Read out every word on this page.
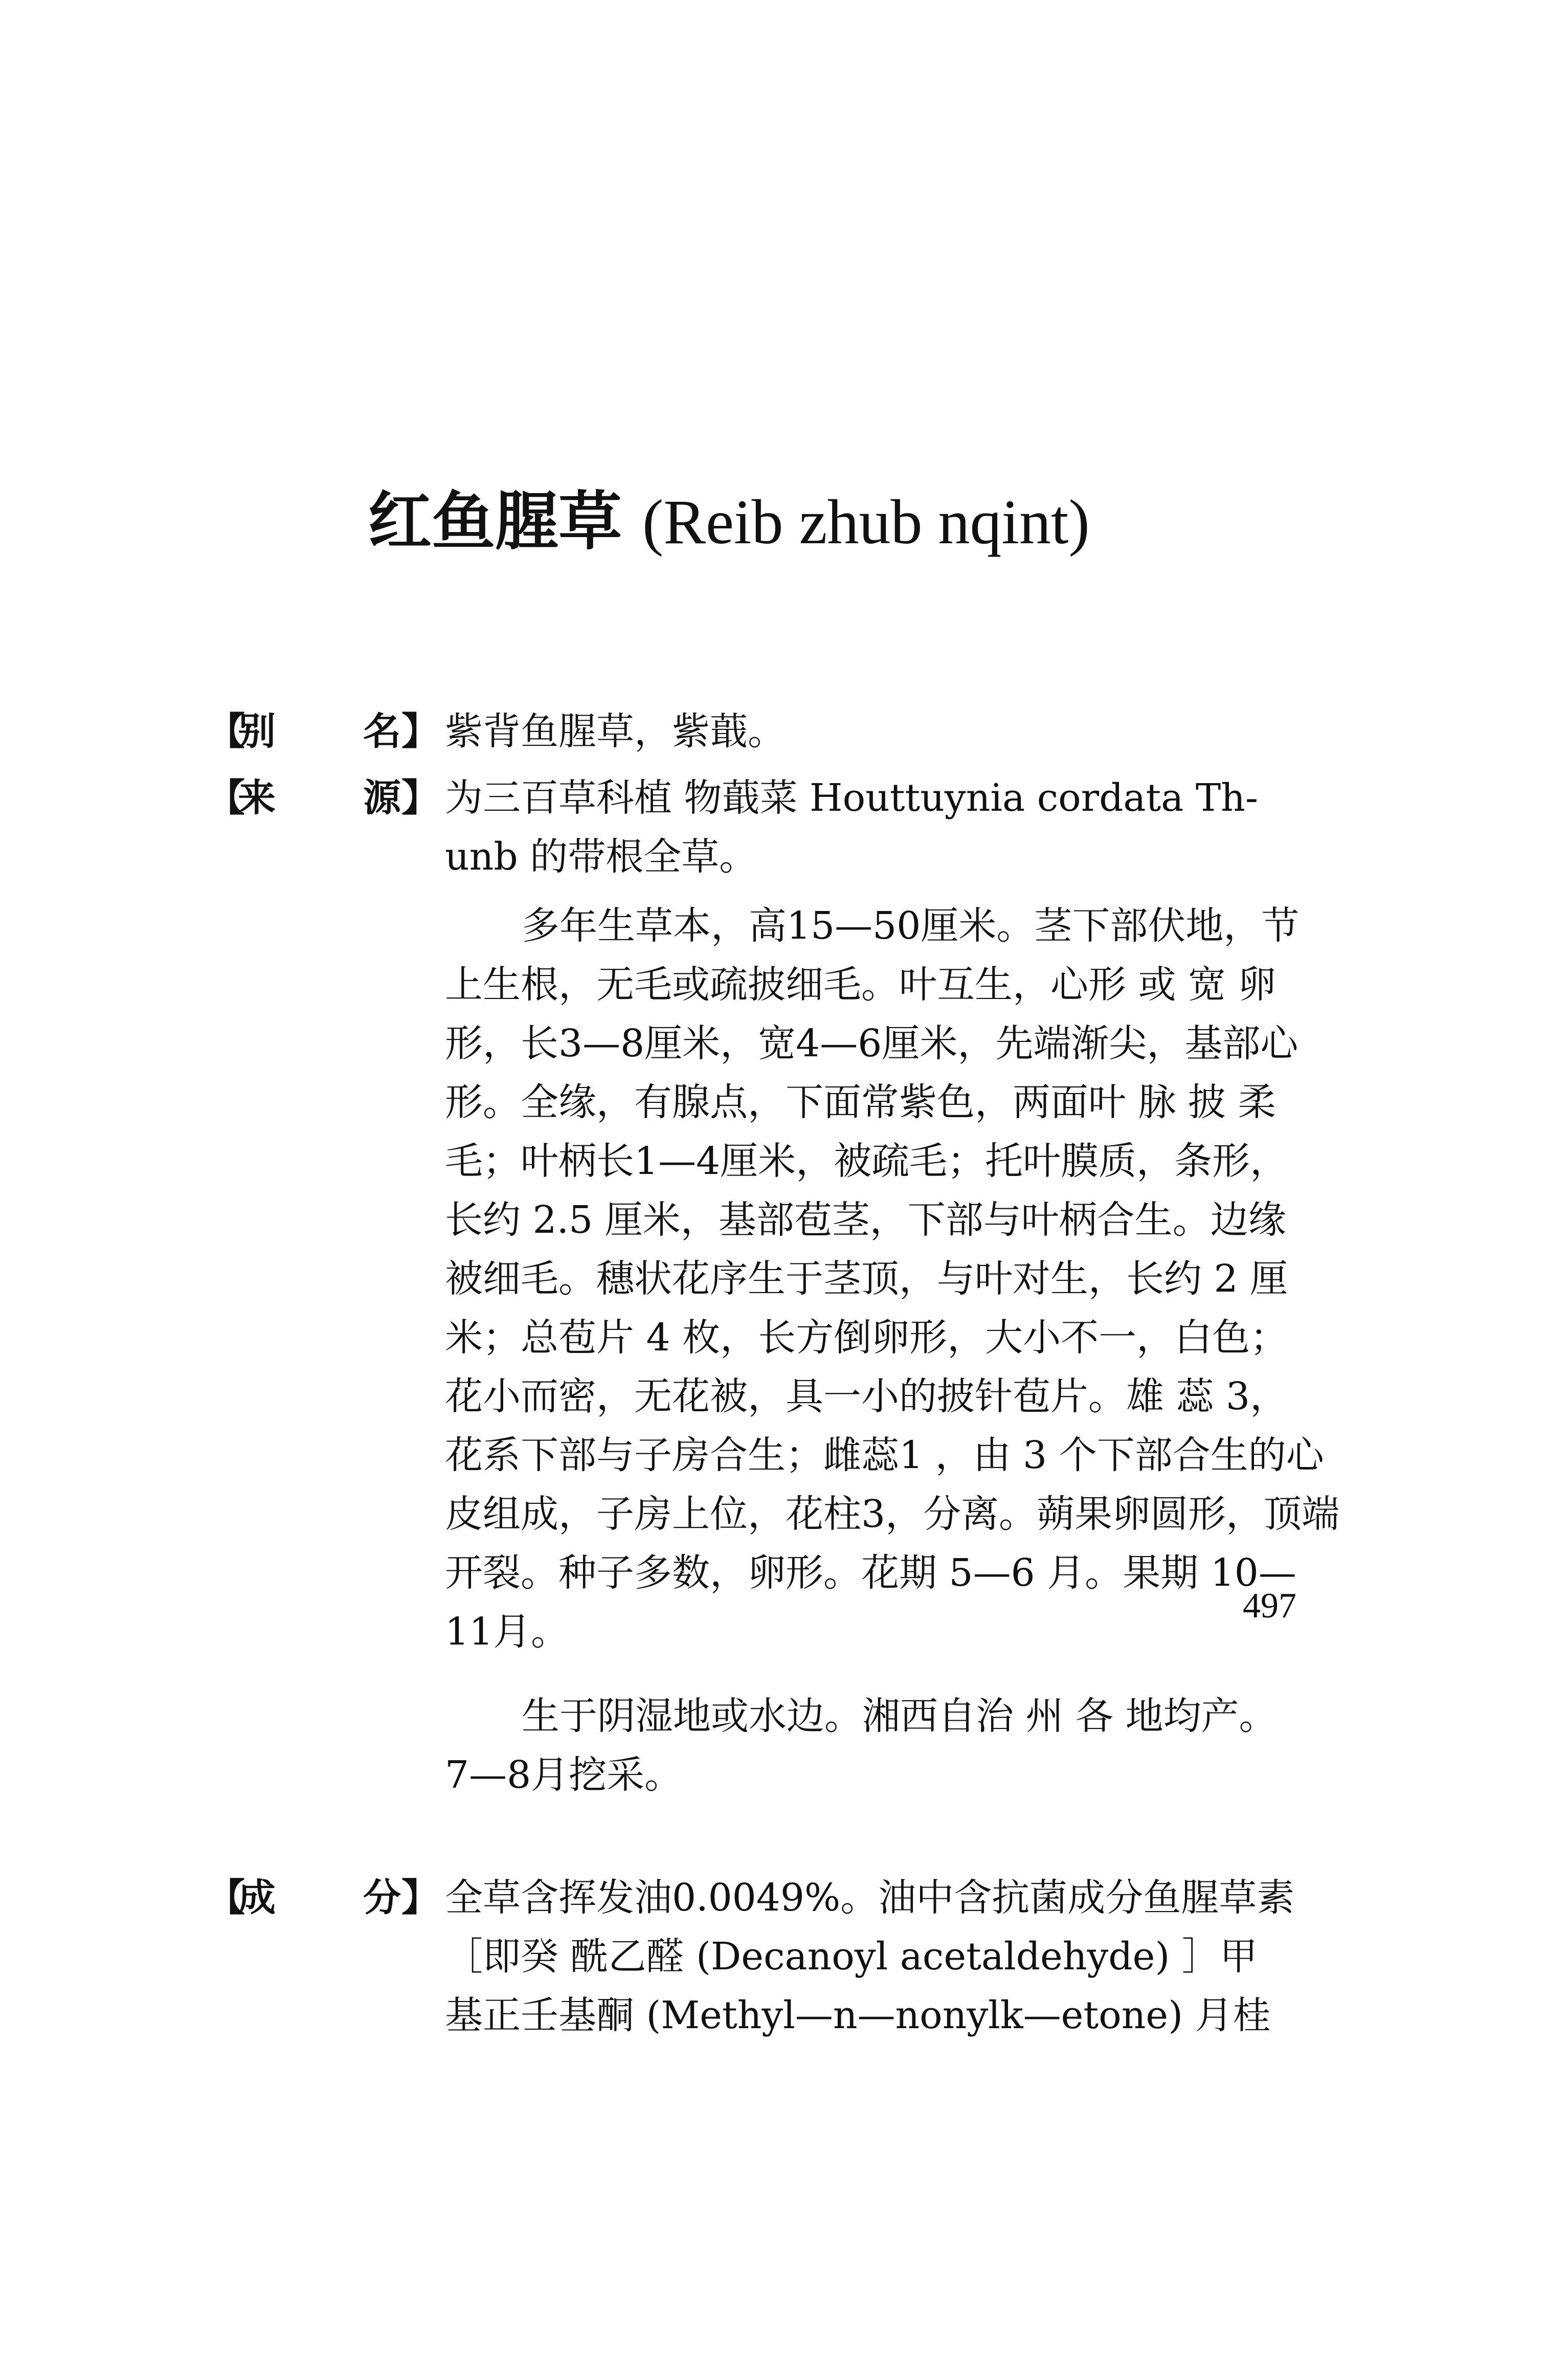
红鱼腥草 (Reib zhub nqint)
【
别 名 】
【
来 源 】
【
成 分 】
紫背鱼腥草，紫蕺。
为三百草科植 物蕺菜 Houttuynia cordata Th-
unb 的带根全草。
多年生草本，高15—50厘米。茎下部伏地，节
上生根，无毛或疏披细毛。叶互生，心形 或 宽 卵
形，长3—8厘米，宽4—6厘米，先端渐尖，基部心
形。全缘，有腺点，下面常紫色，两面叶 脉 披 柔
毛；叶柄长1—4厘米，被疏毛；托叶膜质，条形，
长约 2.5 厘米，基部苞茎，下部与叶柄合生。边缘
被细毛。穗状花序生于茎顶，与叶对生，长约 2 厘
米；总苞片 4 枚，长方倒卵形，大小不一，白色；
花小而密，无花被，具一小的披针苞片。雄 蕊 3，
花系下部与子房合生；雌蕊1 ，由 3 个下部合生的心
皮组成，子房上位，花柱3，分离。蒴果卵圆形，顶端
开裂。种子多数，卵形。花期 5—6 月。果期 10—
11月。
生于阴湿地或水边。湘西自治 州 各 地均产。
7—8月挖采。
全草含挥发油0.0049%。油中含抗菌成分鱼腥草素
［即癸 酰乙醛 (Decanoyl acetaldehyde) ］甲
基正壬基酮 (Methyl—n—nonylk—etone) 月桂
497
